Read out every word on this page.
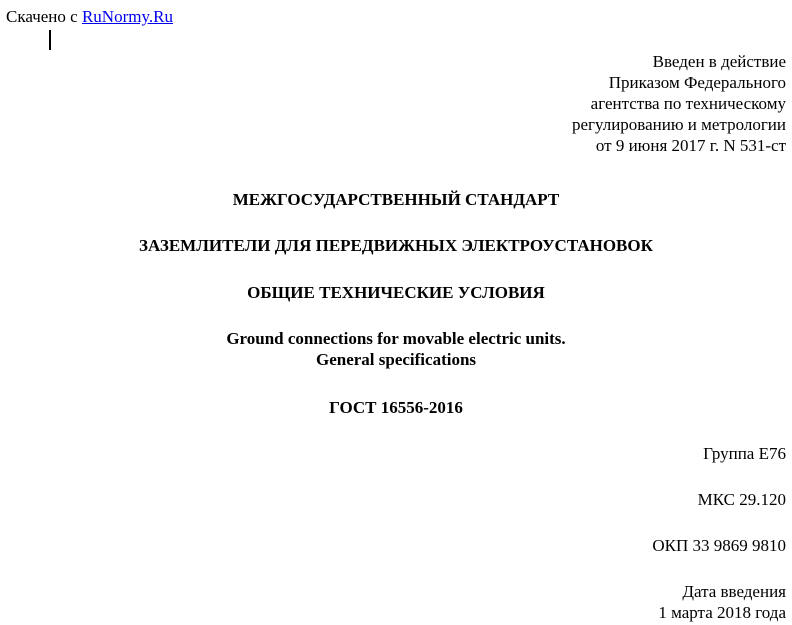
Скачено с RuNormy.Ru
Введен в действие
Приказом Федерального
агентства по техническому
регулированию и метрологии
от 9 июня 2017 г. N 531-ст
МЕЖГОСУДАРСТВЕННЫЙ СТАНДАРТ
ЗАЗЕМЛИТЕЛИ ДЛЯ ПЕРЕДВИЖНЫХ ЭЛЕКТРОУСТАНОВОК
ОБЩИЕ ТЕХНИЧЕСКИЕ УСЛОВИЯ
Ground connections for movable electric units.
General specifications
ГОСТ 16556-2016
Группа Е76
МКС 29.120
ОКП 33 9869 9810
Дата введения
1 марта 2018 года
